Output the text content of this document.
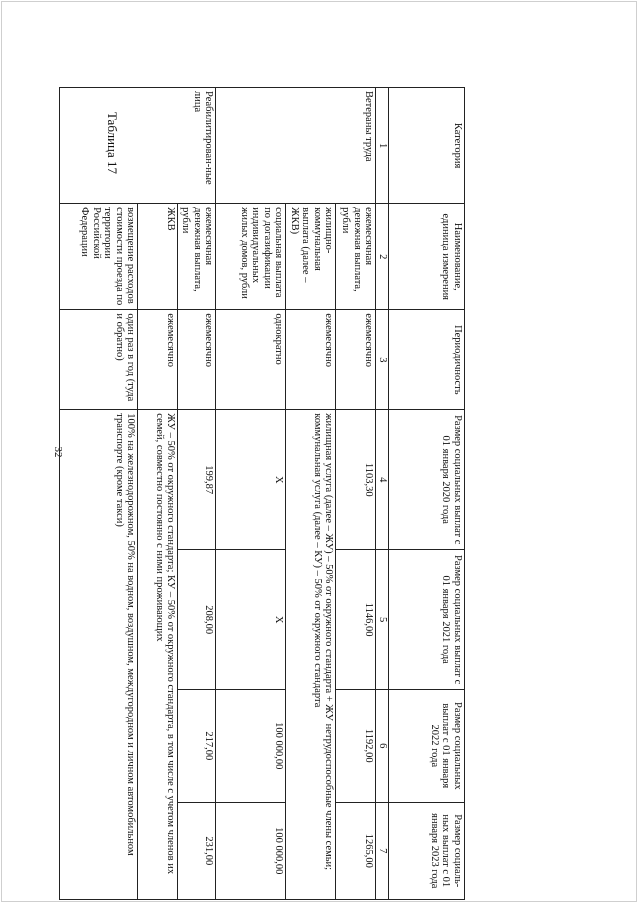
32
Таблица 17	Категория	Наименование, единица измерения	Периодичность	Размер социальных выплат с 01 января 2020 года	Размер социальных выплат с 01 января 2021 года	Размер социальных выплат с 01 января 2022 года	Размер социаль-ных выплат с 01 января 2023 года
1	2	3	4	5	6	7
Ветераны труда	ежемесячная денежная выплата, рубли	ежемесячно	1103,30	1146,00	1192,00	1265,00
	жилищно-коммунальная выплата (далее – ЖКВ)	ежемесячно	жилищная услуга (далее – ЖУ) – 50% от окружного стандарта + ЖУ нетрудоспособные члены семьи; коммунальная услуга (далее – КУ) – 50% от окружного стандарта			
	социальная выплата по догазификации индивидуальных жилых домов, рубли	однократно	Х	Х	100 000,00	100 000,00
Реабилитирован-ные лица	ежемесячная денежная выплата, рубли	ежемесячно	199,87	208,00	217,00	231,00
	ЖКВ	ежемесячно	ЖУ – 50% от окружного стандарта; КУ – 50% от окружного стандарта, в том числе с учетом членов их семей, совместно постоянно с ними проживающих			
	возмещение расходов стоимости проезда по территории Российской Федерации	один раз в год (туда и обратно)	100% на железнодорожном, 50% на водном, воздушном, междугородном и личном автомобильном транспорте (кроме такси)			
